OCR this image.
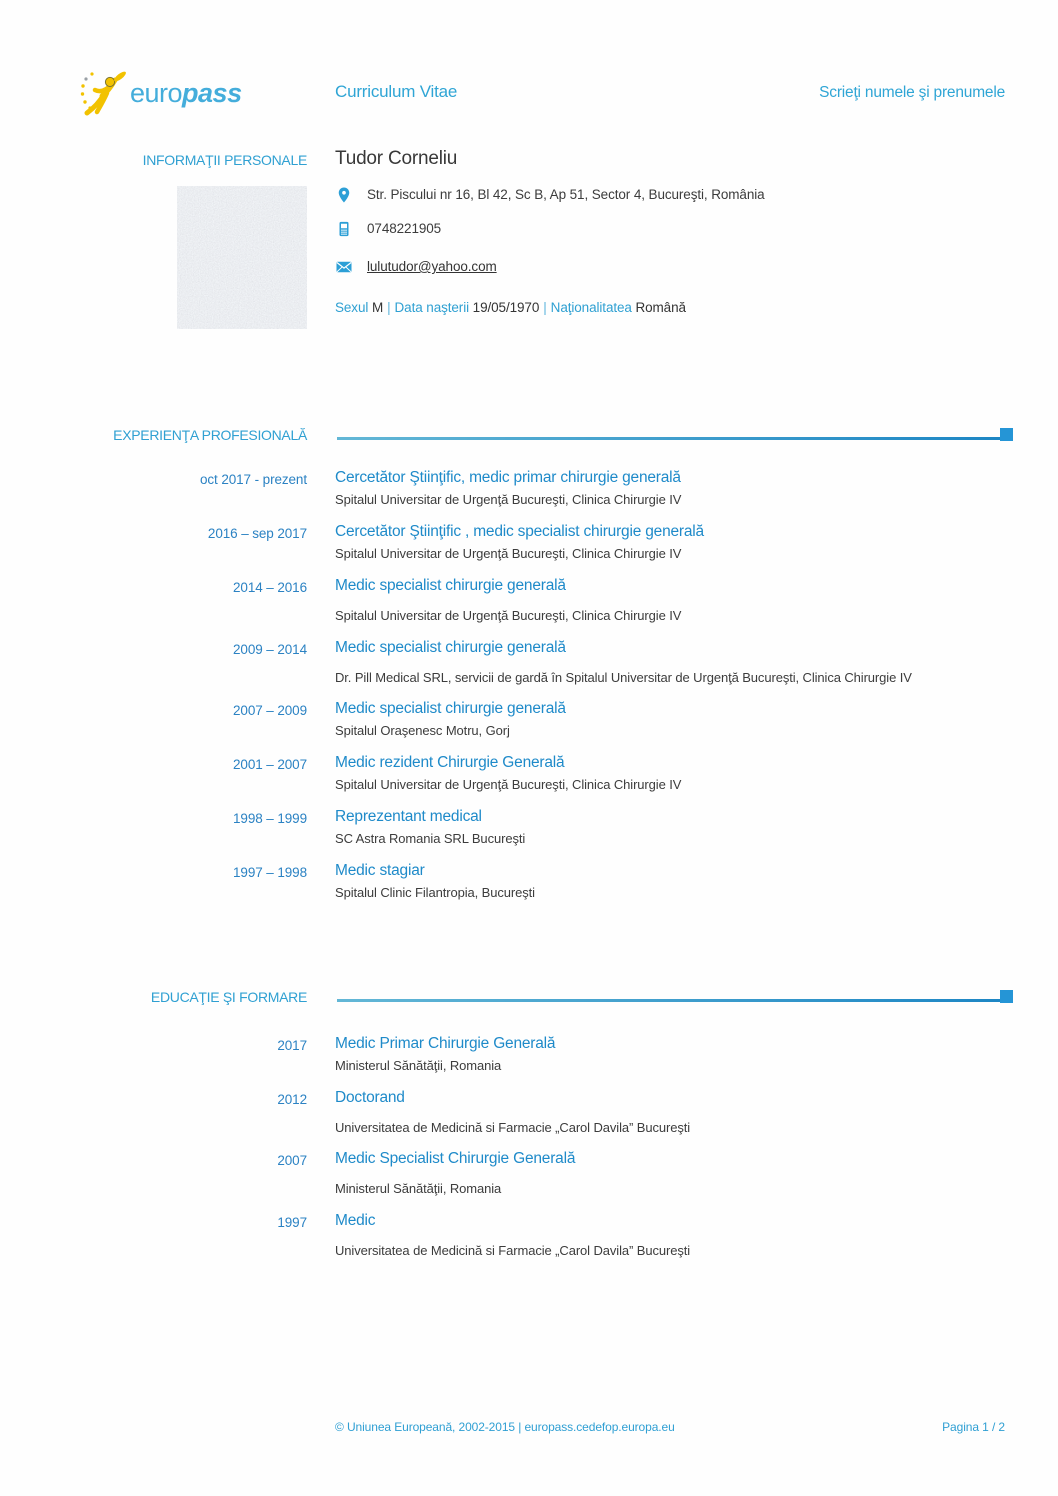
europass	Curriculum Vitae	Scrieţi numele şi prenumele
INFORMAŢII PERSONALE Tudor Corneliu
Str. Piscului nr 16, Bl 42, Sc B, Ap 51, Sector 4, Bucureşti, România
0748221905
lulutudor@yahoo.com
Sexul M | Data naşterii 19/05/1970 | Naţionalitatea Română
EXPERIENŢA PROFESIONALĂ
oct 2017 - prezent Cercetător Ştiinţific, medic primar chirurgie generală
Spitalul Universitar de Urgenţă Bucureşti, Clinica Chirurgie IV
2016 – sep 2017 Cercetător Ştiinţific , medic specialist chirurgie generală
Spitalul Universitar de Urgenţă Bucureşti, Clinica Chirurgie IV
2014 – 2016 Medic specialist chirurgie generală
Spitalul Universitar de Urgenţă Bucureşti, Clinica Chirurgie IV
2009 – 2014 Medic specialist chirurgie generală
Dr. Pill Medical SRL, servicii de gardă în Spitalul Universitar de Urgenţă Bucureşti, Clinica Chirurgie IV
2007 – 2009 Medic specialist chirurgie generală
Spitalul Oraşenesc Motru, Gorj
2001 – 2007 Medic rezident Chirurgie Generală
Spitalul Universitar de Urgenţă Bucureşti, Clinica Chirurgie IV
1998 – 1999 Reprezentant medical
SC Astra Romania SRL Bucureşti
1997 – 1998 Medic stagiar
Spitalul Clinic Filantropia, Bucureşti
EDUCAŢIE ŞI FORMARE
2017 Medic Primar Chirurgie Generală
Ministerul Sănătăţii, Romania
2012 Doctorand
Universitatea de Medicină si Farmacie „Carol Davila” Bucureşti
2007 Medic Specialist Chirurgie Generală
Ministerul Sănătăţii, Romania
1997 Medic
Universitatea de Medicină si Farmacie „Carol Davila” Bucureşti
© Uniunea Europeană, 2002-2015 | europass.cedefop.europa.eu	Pagina 1 / 2
